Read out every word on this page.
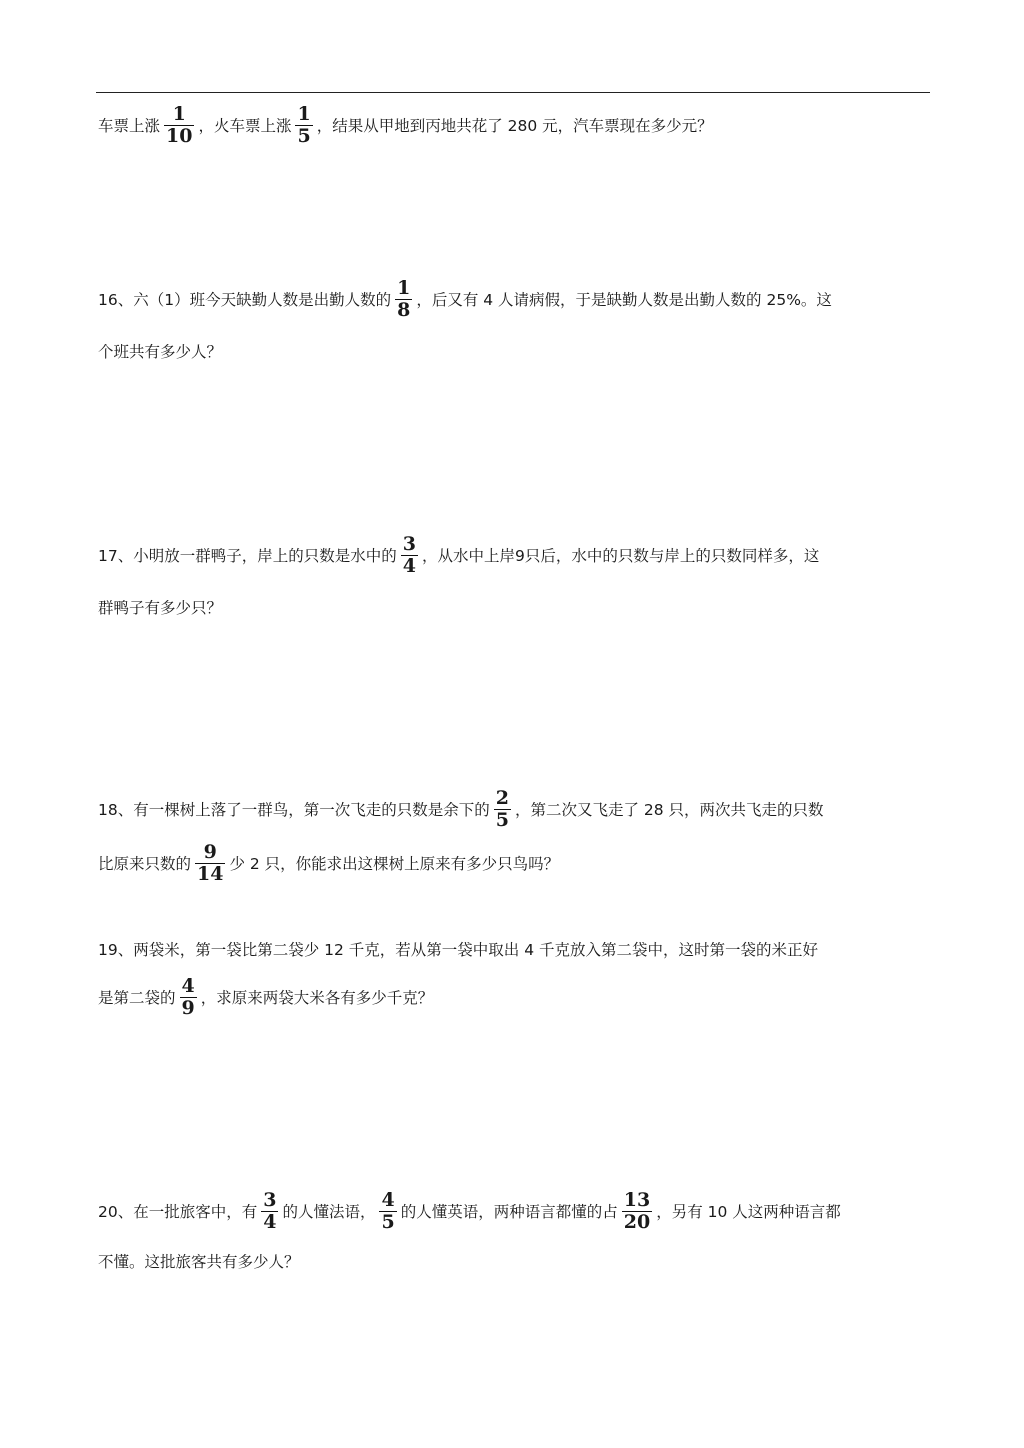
车票上涨 $\frac{1}{10}$ ，火车票上涨 $\frac{1}{5}$ ，结果从甲地到丙地共花了 280 元，汽车票现在多少元？
16、六（1）班今天缺勤人数是出勤人数的 $\frac{1}{8}$ ，后又有 4 人请病假，于是缺勤人数是出勤人数的 25%。这
个班共有多少人？
17、小明放一群鸭子，岸上的只数是水中的 $\frac{3}{4}$ ，从水中上岸9只后，水中的只数与岸上的只数同样多，这
群鸭子有多少只？
18、有一棵树上落了一群鸟，第一次飞走的只数是余下的 $\frac{2}{5}$ ，第二次又飞走了 28 只，两次共飞走的只数
比原来只数的 $\frac{9}{14}$ 少 2 只，你能求出这棵树上原来有多少只鸟吗？
19、两袋米，第一袋比第二袋少 12 千克，若从第一袋中取出 4 千克放入第二袋中，这时第一袋的米正好
是第二袋的 $\frac{4}{9}$ ，求原来两袋大米各有多少千克？
20、在一批旅客中，有 $\frac{3}{4}$ 的人懂法语， $\frac{4}{5}$ 的人懂英语，两种语言都懂的占 $\frac{13}{20}$ ，另有 10 人这两种语言都
不懂。这批旅客共有多少人？
